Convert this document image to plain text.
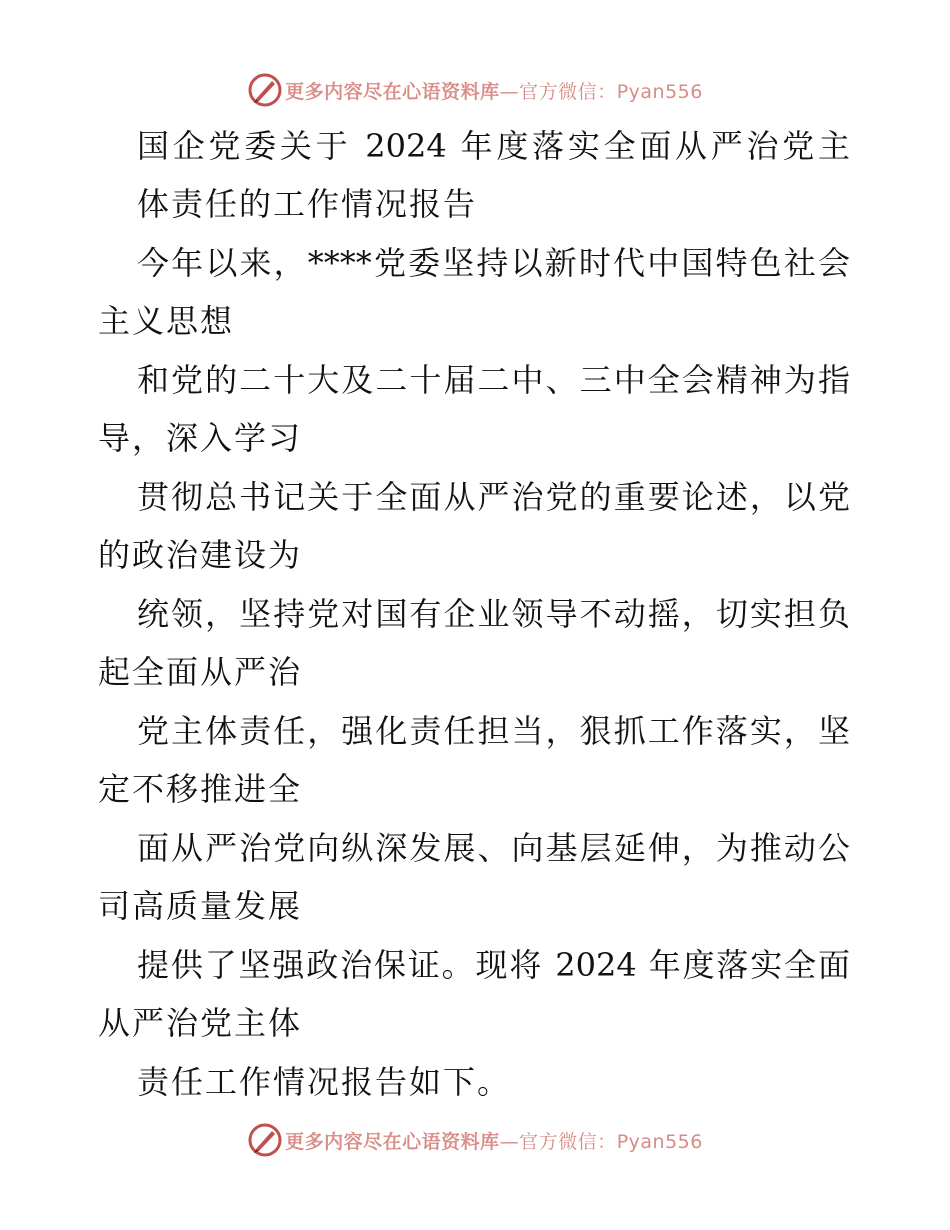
更多内容尽在心语资料库—官方微信：Pyan556
国企党委关于 2024 年度落实全面从严治党主
体责任的工作情况报告
今年以来，****党委坚持以新时代中国特色社会
主义思想
和党的二十大及二十届二中、三中全会精神为指
导，深入学习
贯彻总书记关于全面从严治党的重要论述，以党
的政治建设为
统领，坚持党对国有企业领导不动摇，切实担负
起全面从严治
党主体责任，强化责任担当，狠抓工作落实，坚
定不移推进全
面从严治党向纵深发展、向基层延伸，为推动公
司高质量发展
提供了坚强政治保证。现将 2024 年度落实全面
从严治党主体
责任工作情况报告如下。
更多内容尽在心语资料库—官方微信：Pyan556
